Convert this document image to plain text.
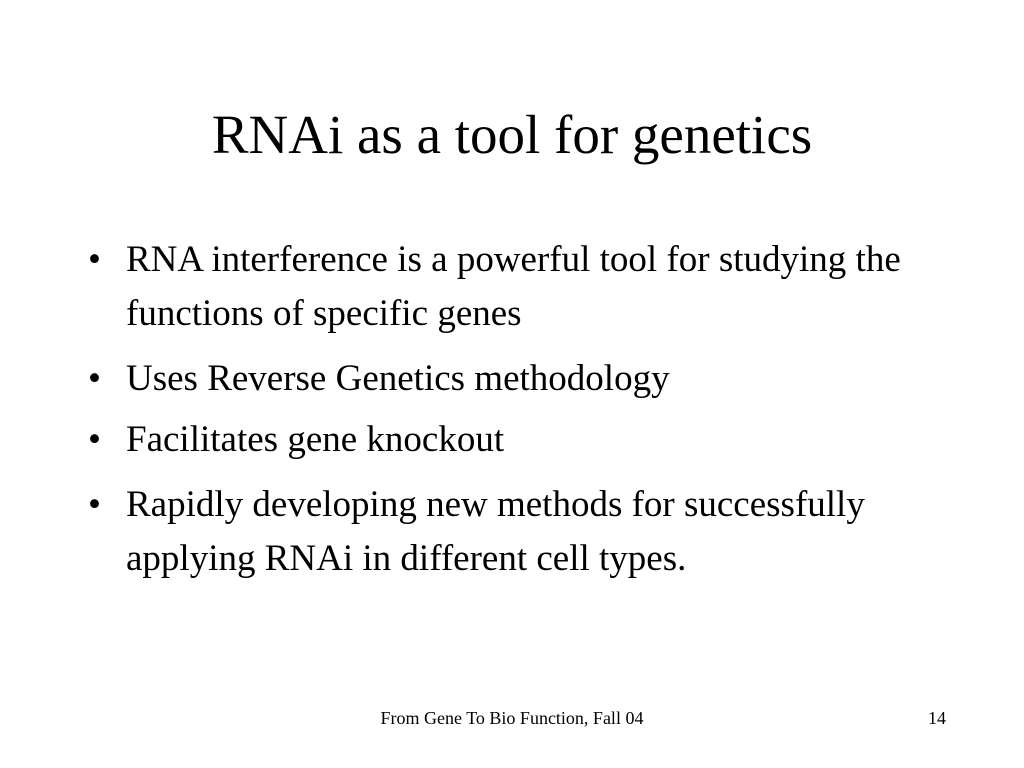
RNAi as a tool for genetics
• RNA interference is a powerful tool for studying the functions of specific genes
• Uses Reverse Genetics methodology
• Facilitates gene knockout
• Rapidly developing new methods for successfully applying RNAi in different cell types.
From Gene To Bio Function, Fall 04	14
